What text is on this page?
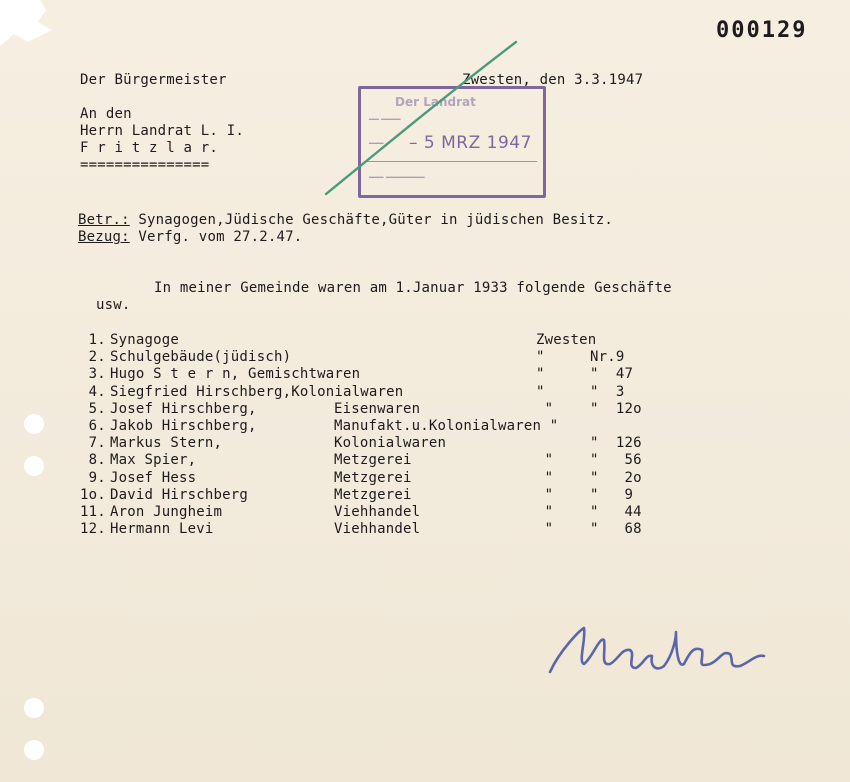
000129
Der Bürgermeister	Zwesten, den 3.3.1947
An den
Herrn Landrat L. I.
F r i t z l a r.
===============
Der Landrat
━━ ━━━━
━━━ – 5 MRZ 1947
━━━ ━━━━━━━━
Betr.: Synagogen,Jüdische Geschäfte,Güter in jüdischen Besitz.
Bezug: Verfg. vom 27.2.47.
In meiner Gemeinde waren am 1.Januar 1933 folgende Geschäfte
usw.
1. Synagoge	Zwesten
2. Schulgebäude(jüdisch)	"	Nr.9
3. Hugo S t e r n, Gemischtwaren	"	"  47
4. Siegfried Hirschberg,Kolonialwaren	"	"  3
5. Josef Hirschberg,	Eisenwaren	"	"  12o
6. Jakob Hirschberg,	Manufakt.u.Kolonialwaren "
7. Markus Stern,	Kolonialwaren	"  126
8. Max Spier,	Metzgerei	"	"   56
9. Josef Hess	Metzgerei	"	"   2o
1o. David Hirschberg	Metzgerei	"	"   9
11. Aron Jungheim	Viehhandel	"	"   44
12. Hermann Levi	Viehhandel	"	"   68
